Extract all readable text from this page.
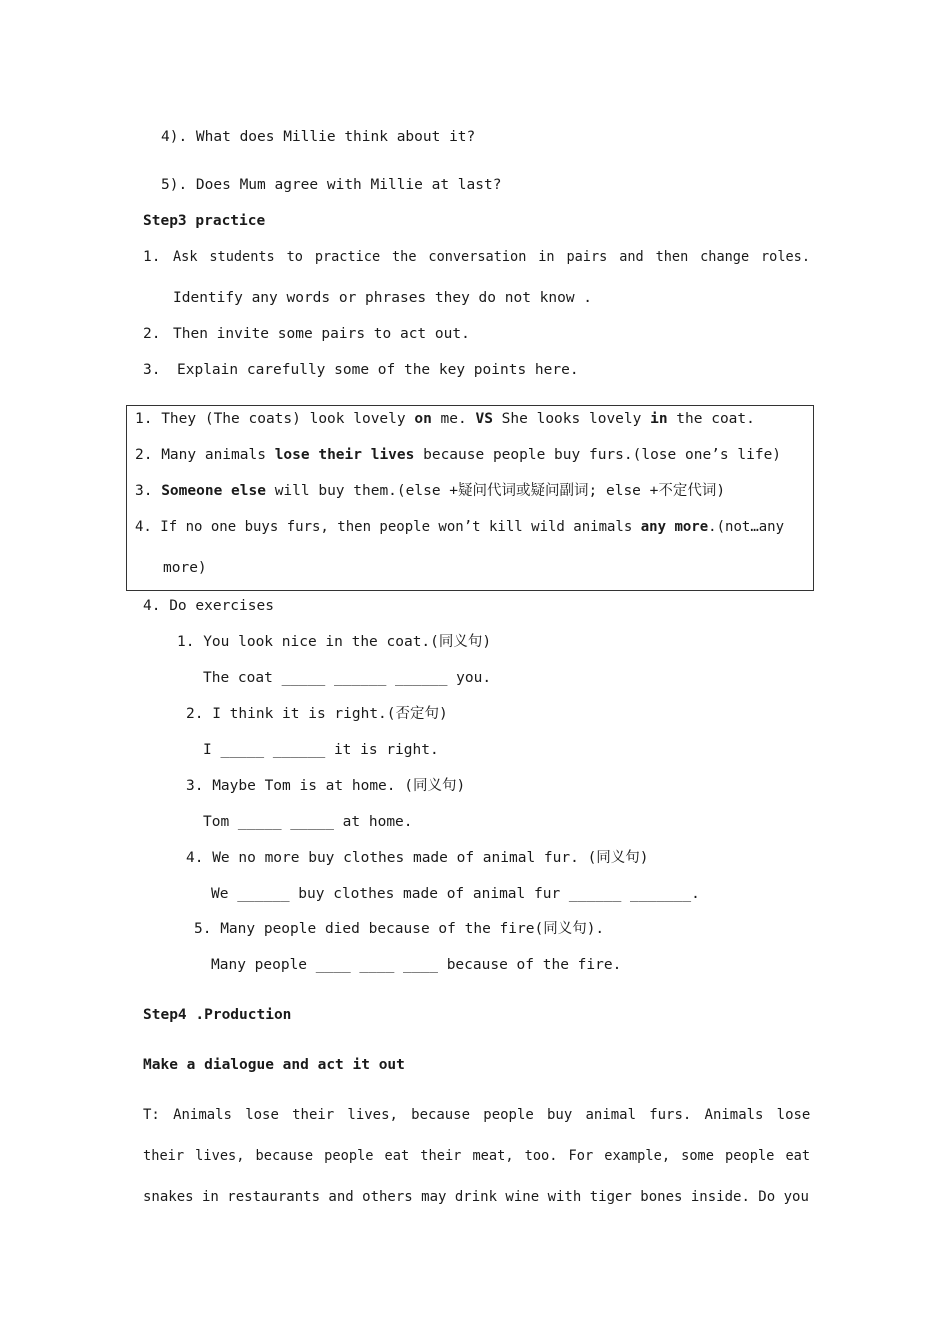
4). What does Millie think about it?
5). Does Mum agree with Millie at last?
Step3 practice
1. Ask students to practice the conversation in pairs and then change roles.
Identify any words or phrases they do not know .
2. Then invite some pairs to act out.
3. Explain carefully some of the key points here.
1. They (The coats) look lovely on me. VS She looks lovely in the coat.
2. Many animals lose their lives because people buy furs.(lose one’s life)
3. Someone else will buy them.(else +疑问代词或疑问副词; else +不定代词)
4. If no one buys furs, then people won’t kill wild animals any more.(not…any
more)
4. Do exercises
1. You look nice in the coat.(同义句)
The coat _____ ______ ______ you.
2. I think it is right.(否定句)
I _____ ______ it is right.
3. Maybe Tom is at home. (同义句)
Tom _____ _____ at home.
4. We no more buy clothes made of animal fur. (同义句)
We ______ buy clothes made of animal fur ______ _______.
5. Many people died because of the fire(同义句).
Many people ____ ____ ____ because of the fire.
Step4 .Production
Make a dialogue and act it out
T: Animals lose their lives, because people buy animal furs. Animals lose
their lives, because people eat their meat, too. For example, some people eat
snakes in restaurants and others may drink wine with tiger bones inside. Do you
